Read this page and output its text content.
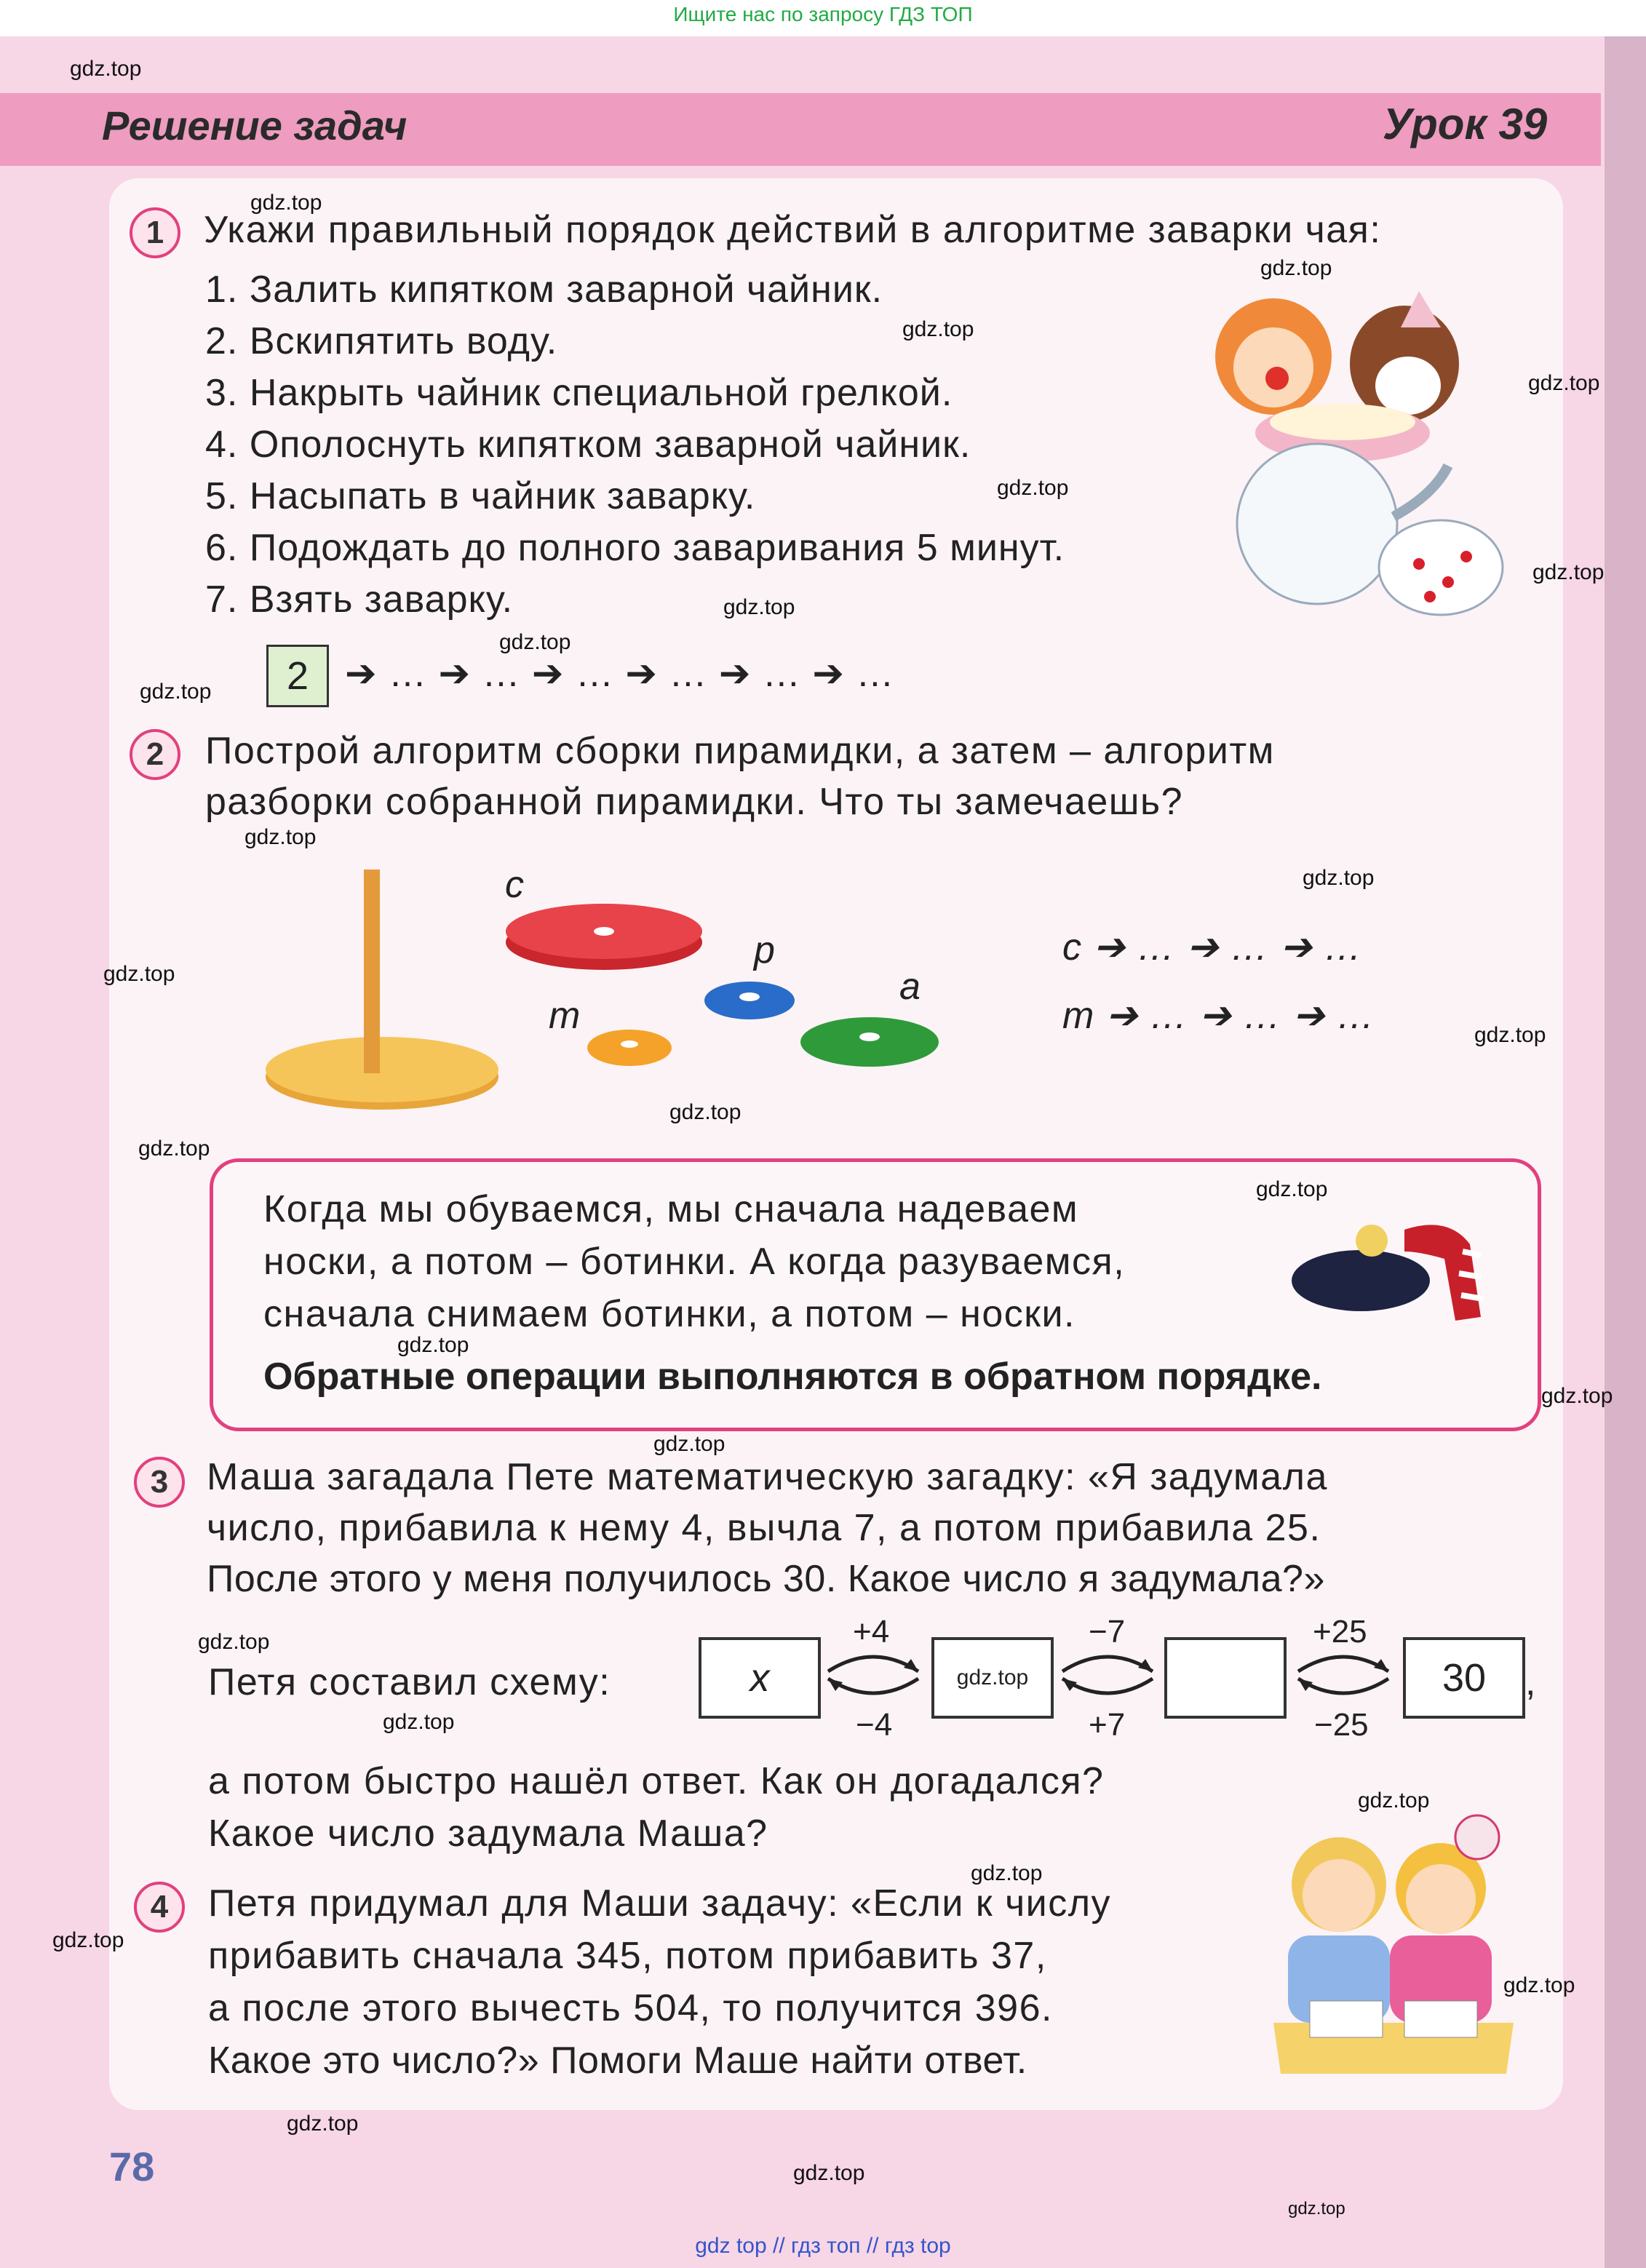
Ищите нас по запросу ГДЗ ТОП
gdz.top
Решение задач	Урок 39
1	Укажи правильный порядок действий в алгоритме заварки чая:
gdz.top
1. Залить кипятком заварной чайник.
2. Вскипятить воду.
3. Накрыть чайник специальной грелкой.
4. Ополоснуть кипятком заварной чайник.
5. Насыпать в чайник заварку.
6. Подождать до полного заваривания 5 минут.
7. Взять заварку.
gdz.top
gdz.top
gdz.top
gdz.top
gdz.top
gdz.top
gdz.top
gdz.top	2 ➔ … ➔ … ➔ … ➔ … ➔ … ➔ …
2	Построй алгоритм сборки пирамидки, а затем – алгоритм
разборки собранной пирамидки. Что ты замечаешь?
gdz.top
gdz.top
gdz.top
c
p
a
m
gdz.top
c ➔ … ➔ … ➔ …
m ➔ … ➔ … ➔ …	gdz.top
gdz.top
Когда мы обуваемся, мы сначала надеваем
носки, а потом – ботинки. А когда разуваемся,
сначала снимаем ботинки, а потом – носки.
Обратные операции выполняются в обратном порядке.
gdz.top
gdz.top
gdz.top
gdz.top
3	Маша загадала Пете математическую загадку: «Я задумала
число, прибавила к нему 4, вычла 7, а потом прибавила 25.
После этого у меня получилось 30. Какое число я задумала?»
gdz.top
Петя составил схему:
gdz.top
x	gdz.top	30	,
+4	−7	+25
−4	+7	−25
а потом быстро нашёл ответ. Как он догадался?
Какое число задумала Маша?
gdz.top
gdz.top
4	Петя придумал для Маши задачу: «Если к числу
прибавить сначала 345, потом прибавить 37,
а после этого вычесть 504, то получится 396.
Какое это число?» Помоги Маше найти ответ.
gdz.top
gdz.top
gdz.top
78	gdz.top
gdz.top
gdz top // гдз топ // гдз top
